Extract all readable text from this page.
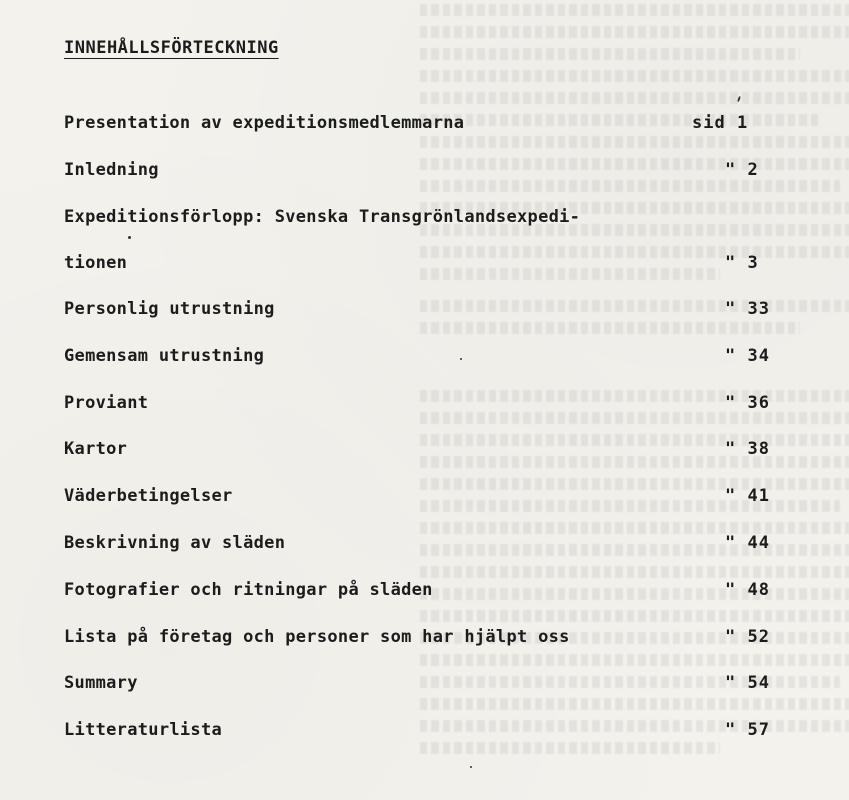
INNEHÅLLSFÖRTECKNING
Presentation av expeditionsmedlemmarna	sid 1
Inledning	" 2
Expeditionsförlopp: Svenska Transgrönlandsexpedi-
tionen	" 3
Personlig utrustning	" 33
Gemensam utrustning	" 34
Proviant	" 36
Kartor	" 38
Väderbetingelser	" 41
Beskrivning av släden	" 44
Fotografier och ritningar på släden	" 48
Lista på företag och personer som har hjälpt oss	" 52
Summary	" 54
Litteraturlista	" 57
